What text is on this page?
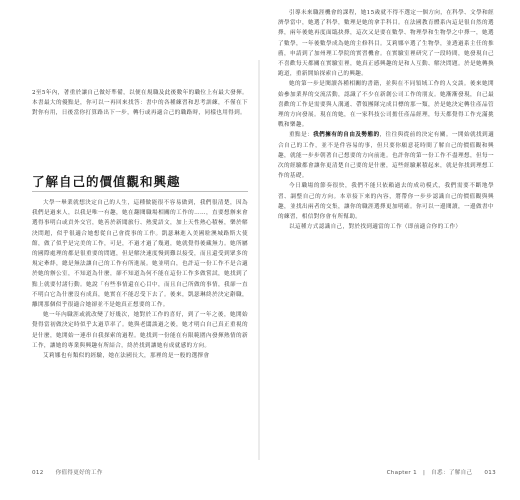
2至5年內，著重於讓自己做好準備，以便在規職及此後數年的職位上有最大發揮。本書最大的優點是，你可以一再回來找答：書中的各種練習和思考訓練，不僅在下對你有用，日後當你打算路出下一步，轉行或再適合己的職路時，同樣也用得到。

了解自己的價值觀和興趣

大學一畢業就想決定自己的人生，這種做能很不容易做到，我們很清楚，因為我們是過來人，以我是唯一有趣，她在翻閱職場相關的工作的……，直要想辦來會選得事明白或貢外交官，她善於新聞旅行、熱愛語文，加上天性熱心積極，樂於解決問題，似乎很適合她想從自己會從事的工作。凱瑟琳進入美國駐澳城路斯大使館，做了似乎是完美的工作，可是，不過才過了幾週，她就覺得後藏無力。她所屬的國際處理的都是很重要的問題，但是解決速度慢到難以接受，而且還受到眾多的規定牽絆，總是無法讓自己的工作有所進展。她並明白，也許這一份工作不是合適於她的辦公室，不知道為什麼，卻不知道為何不能在這份工作多做嘗試，她找到了點上就要付諸行動。她說「有些事情還在心目中，而且自己所做的事情，我卻一直不明白它為什麼沒有成真，她實在不能忍受下去了。後來，凱瑟琳終於決定辭職，離開那個似乎很適合她卻並不是她真正想要的工作。

她一年內職涯或就改變了好幾次，她對於工作的喜好，到了一年之後，她開始覺得當初做決定時似乎太過草率了。她與老闆談過之後，她才明白自己真正重視的是什麼，她開始一連串自我探索的過程。她找到一份能在有限範圍內發揮熱情的新工作，讓她的專業與興趣有所結合，終於找到讓她有成就感的方向。

艾莉娜也有類似的經驗，她在法國長大，那裡的是一般的選擇會

012 你值得更好的工作

引導未來職涯機會的課程，她15歲就不得不選定一個方向，在科學、文學和經濟學當中，她選了科學，數理是她的拿手科目。在法國教育體系內這是很自然的選擇，兩年後她再度面臨抉擇，這次又是要在數學、物理學和生物學之中擇一，她選了數學，一年後數學成為她的主修科目。艾莉娜卒選了生物學，並透過系主任的推薦，申請到了加州理工學院的實習機會。在實驗室裡研究了一段時間，她發現自己不喜歡每天都關在實驗室裡，她真正感興趣的是和人互動、解決問題。於是她轉換跑道，重新開始探索自己的興趣。

她的第一步是閱讀各種相關的書籍，並與在不同領域工作的人交談。後來她開始參加業界的交流活動，認識了不少在新創公司工作的朋友。她漸漸發現，自己最喜歡的工作是需要與人溝通、帶領團隊完成目標的那一類，於是她決定轉往產品管理的方向發展。現在的她，在一家科技公司擔任產品經理，每天都覺得工作充滿挑戰和樂趣。

重點是：我們擁有的自由及勢態的，往往與從前的決定有關。一開始就找到適合自己的工作，並不是件容易的事，但只要你願意花時間了解自己的價值觀和興趣，就能一步步朝著自己想要的方向前進。也許你的第一份工作不盡理想，但每一次的經驗都會讓你更清楚自己要的是什麼，這些經驗累積起來，就是你找到理想工作的基礎。

今日職場的節奏很快，我們不能只依賴過去的成功模式，我們需要不斷地學習、調整自己的方向。本章接下來的內容，將帶你一步步認識自己的價值觀與興趣，並找出兩者的交集，讓你的職涯選擇更加明確。你可以一邊閱讀，一邊做書中的練習，相信對你會有所幫助。

以這種方式認識自己，對於找到適當的工作（即前適合你的工作）

Chapter 1 | 自悉：了解自己 013
